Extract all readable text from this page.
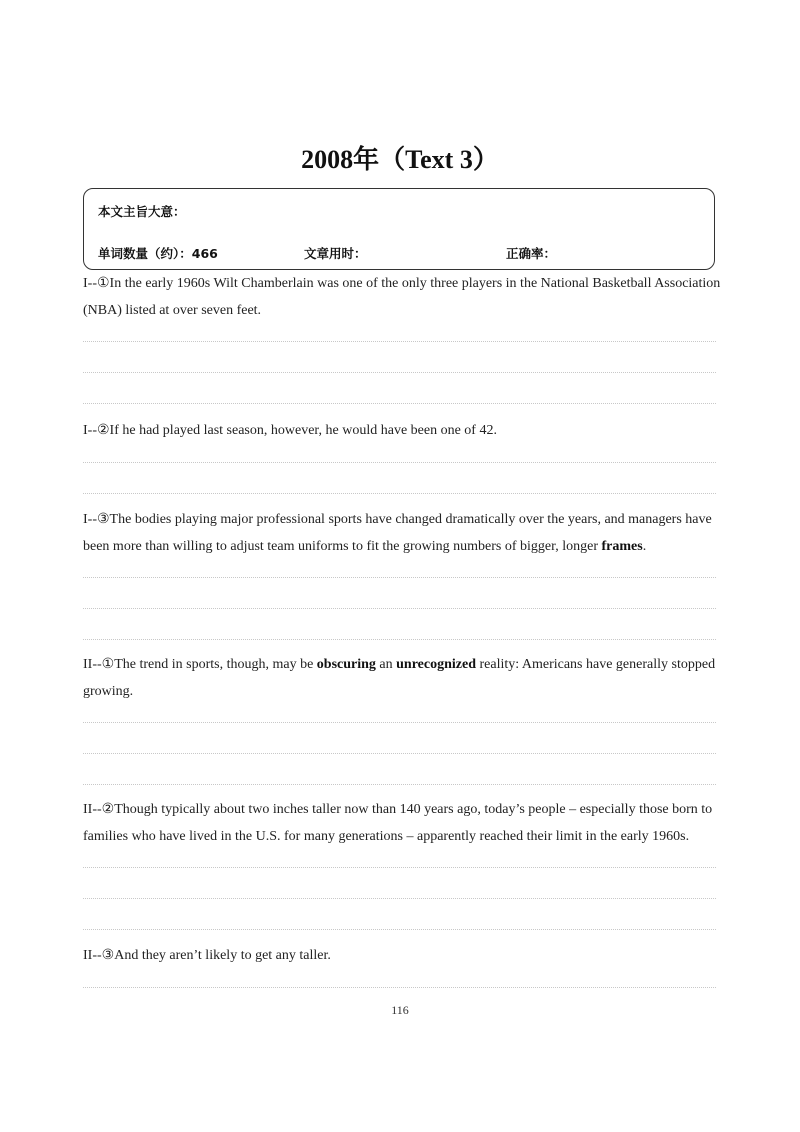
2008年（Text 3）
本文主旨大意：
单词数量（约）：466	文章用时：	正确率：
I--①In the early 1960s Wilt Chamberlain was one of the only three players in the National Basketball Association (NBA) listed at over seven feet.
I--②If he had played last season, however, he would have been one of 42.
I--③The bodies playing major professional sports have changed dramatically over the years, and managers have been more than willing to adjust team uniforms to fit the growing numbers of bigger, longer frames.
II--①The trend in sports, though, may be obscuring an unrecognized reality: Americans have generally stopped growing.
II--②Though typically about two inches taller now than 140 years ago, today’s people – especially those born to families who have lived in the U.S. for many generations – apparently reached their limit in the early 1960s.
II--③And they aren’t likely to get any taller.
116
